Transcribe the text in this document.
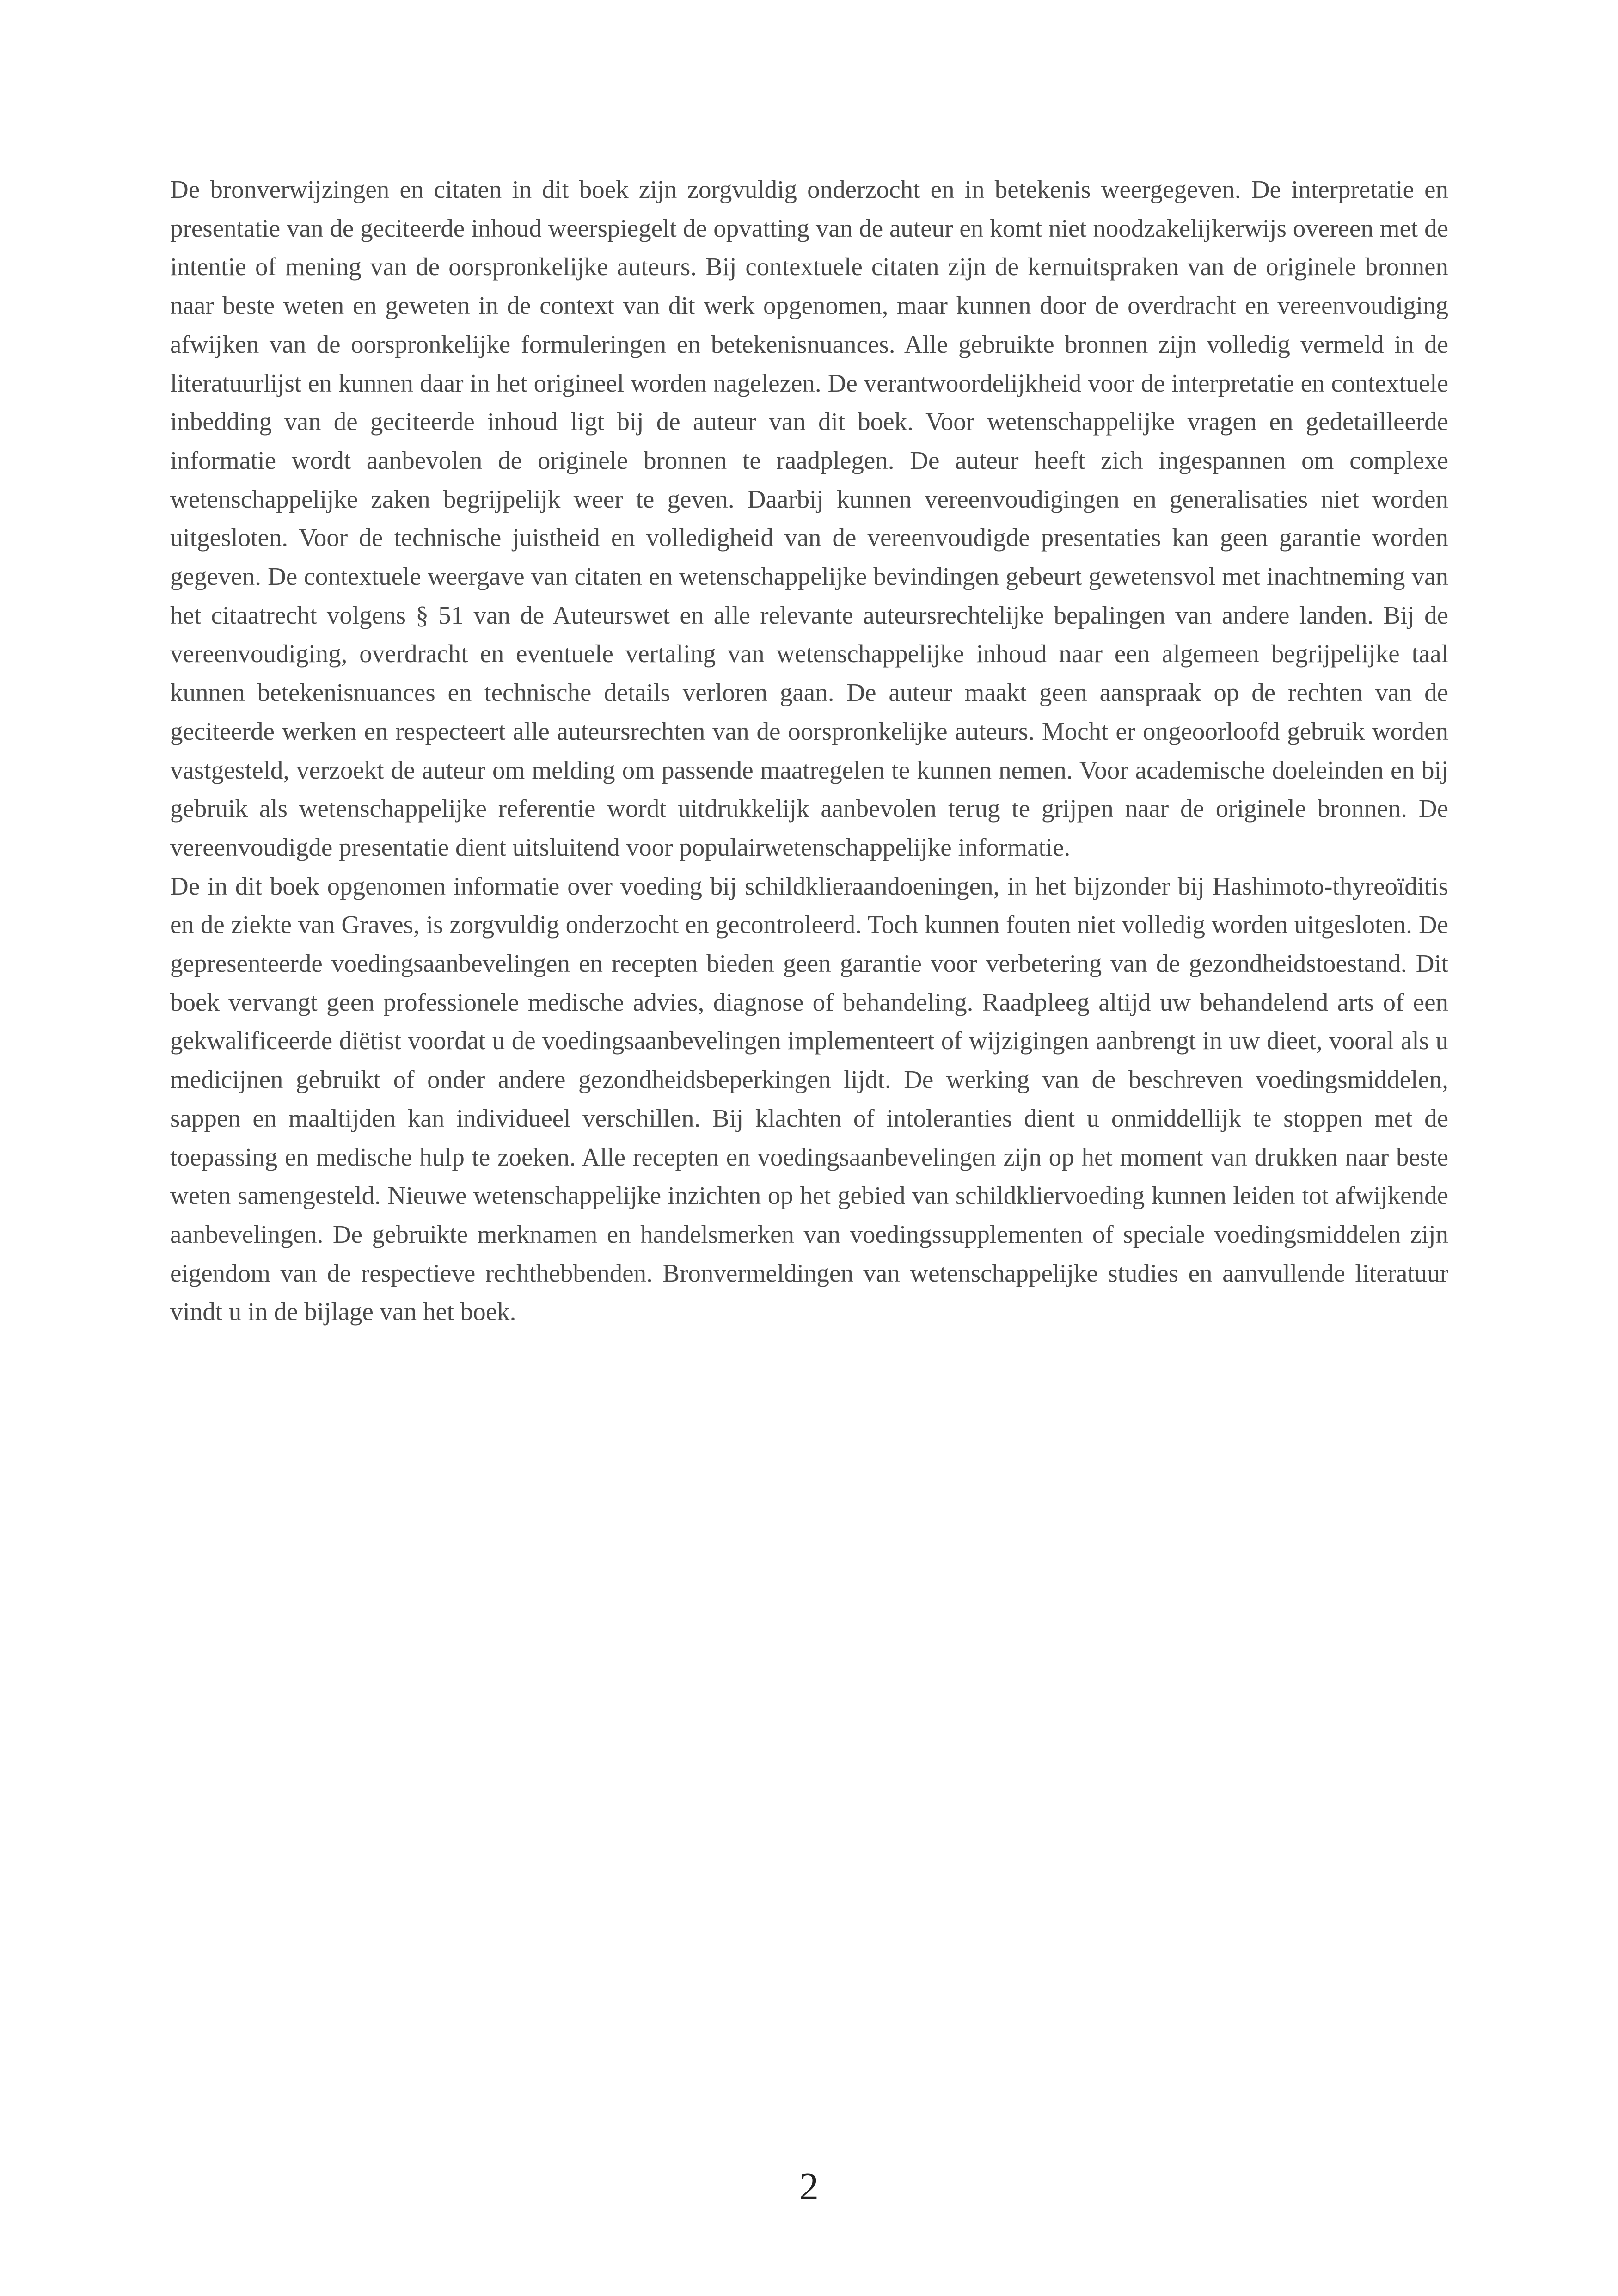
De bronverwijzingen en citaten in dit boek zijn zorgvuldig onderzocht en in betekenis weergegeven. De interpretatie en presentatie van de geciteerde inhoud weerspiegelt de opvatting van de auteur en komt niet noodzakelijkerwijs overeen met de intentie of mening van de oorspronkelijke auteurs. Bij contextuele citaten zijn de kernuitspraken van de originele bronnen naar beste weten en geweten in de context van dit werk opgenomen, maar kunnen door de overdracht en vereenvoudiging afwijken van de oorspronkelijke formuleringen en betekenisnuances. Alle gebruikte bronnen zijn volledig vermeld in de literatuurlijst en kunnen daar in het origineel worden nagelezen. De verantwoordelijkheid voor de interpretatie en contextuele inbedding van de geciteerde inhoud ligt bij de auteur van dit boek. Voor wetenschappelijke vragen en gedetailleerde informatie wordt aanbevolen de originele bronnen te raadplegen. De auteur heeft zich ingespannen om complexe wetenschappelijke zaken begrijpelijk weer te geven. Daarbij kunnen vereenvoudigingen en generalisaties niet worden uitgesloten. Voor de technische juistheid en volledigheid van de vereenvoudigde presentaties kan geen garantie worden gegeven. De contextuele weergave van citaten en wetenschappelijke bevindingen gebeurt gewetensvol met inachtneming van het citaatrecht volgens § 51 van de Auteurswet en alle relevante auteursrechtelijke bepalingen van andere landen. Bij de vereenvoudiging, overdracht en eventuele vertaling van wetenschappelijke inhoud naar een algemeen begrijpelijke taal kunnen betekenisnuances en technische details verloren gaan. De auteur maakt geen aanspraak op de rechten van de geciteerde werken en respecteert alle auteursrechten van de oorspronkelijke auteurs. Mocht er ongeoorloofd gebruik worden vastgesteld, verzoekt de auteur om melding om passende maatregelen te kunnen nemen. Voor academische doeleinden en bij gebruik als wetenschappelijke referentie wordt uitdrukkelijk aanbevolen terug te grijpen naar de originele bronnen. De vereenvoudigde presentatie dient uitsluitend voor populairwetenschappelijke informatie.

De in dit boek opgenomen informatie over voeding bij schildklieraandoeningen, in het bijzonder bij Hashimoto-thyreoïditis en de ziekte van Graves, is zorgvuldig onderzocht en gecontroleerd. Toch kunnen fouten niet volledig worden uitgesloten. De gepresenteerde voedingsaanbevelingen en recepten bieden geen garantie voor verbetering van de gezondheidstoestand. Dit boek vervangt geen professionele medische advies, diagnose of behandeling. Raadpleeg altijd uw behandelend arts of een gekwalificeerde diëtist voordat u de voedingsaanbevelingen implementeert of wijzigingen aanbrengt in uw dieet, vooral als u medicijnen gebruikt of onder andere gezondheidsbeperkingen lijdt. De werking van de beschreven voedingsmiddelen, sappen en maaltijden kan individueel verschillen. Bij klachten of intoleranties dient u onmiddellijk te stoppen met de toepassing en medische hulp te zoeken. Alle recepten en voedingsaanbevelingen zijn op het moment van drukken naar beste weten samengesteld. Nieuwe wetenschappelijke inzichten op het gebied van schildkliervoeding kunnen leiden tot afwijkende aanbevelingen. De gebruikte merknamen en handelsmerken van voedingssupplementen of speciale voedingsmiddelen zijn eigendom van de respectieve rechthebbenden. Bronvermeldingen van wetenschappelijke studies en aanvullende literatuur vindt u in de bijlage van het boek.

2
